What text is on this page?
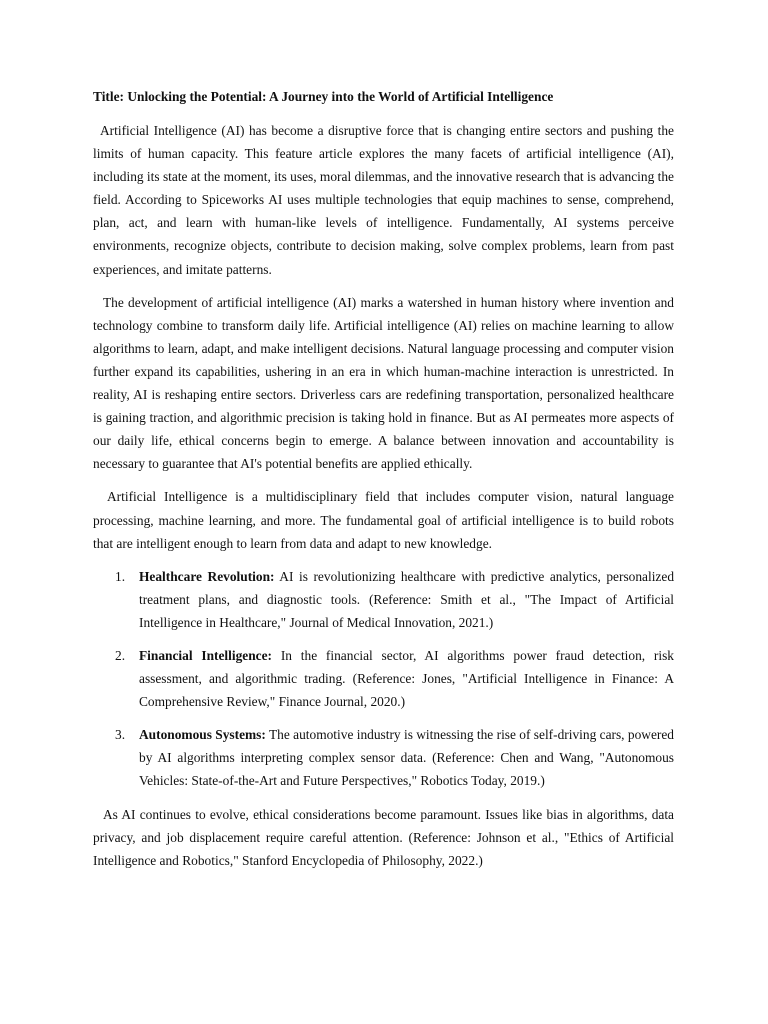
Title: Unlocking the Potential: A Journey into the World of Artificial Intelligence

Artificial Intelligence (AI) has become a disruptive force that is changing entire sectors and pushing the limits of human capacity. This feature article explores the many facets of artificial intelligence (AI), including its state at the moment, its uses, moral dilemmas, and the innovative research that is advancing the field. According to Spiceworks AI uses multiple technologies that equip machines to sense, comprehend, plan, act, and learn with human-like levels of intelligence. Fundamentally, AI systems perceive environments, recognize objects, contribute to decision making, solve complex problems, learn from past experiences, and imitate patterns.

The development of artificial intelligence (AI) marks a watershed in human history where invention and technology combine to transform daily life. Artificial intelligence (AI) relies on machine learning to allow algorithms to learn, adapt, and make intelligent decisions. Natural language processing and computer vision further expand its capabilities, ushering in an era in which human-machine interaction is unrestricted. In reality, AI is reshaping entire sectors. Driverless cars are redefining transportation, personalized healthcare is gaining traction, and algorithmic precision is taking hold in finance. But as AI permeates more aspects of our daily life, ethical concerns begin to emerge. A balance between innovation and accountability is necessary to guarantee that AI's potential benefits are applied ethically.

Artificial Intelligence is a multidisciplinary field that includes computer vision, natural language processing, machine learning, and more. The fundamental goal of artificial intelligence is to build robots that are intelligent enough to learn from data and adapt to new knowledge.

1. Healthcare Revolution: AI is revolutionizing healthcare with predictive analytics, personalized treatment plans, and diagnostic tools. (Reference: Smith et al., "The Impact of Artificial Intelligence in Healthcare," Journal of Medical Innovation, 2021.)
2. Financial Intelligence: In the financial sector, AI algorithms power fraud detection, risk assessment, and algorithmic trading. (Reference: Jones, "Artificial Intelligence in Finance: A Comprehensive Review," Finance Journal, 2020.)
3. Autonomous Systems: The automotive industry is witnessing the rise of self-driving cars, powered by AI algorithms interpreting complex sensor data. (Reference: Chen and Wang, "Autonomous Vehicles: State-of-the-Art and Future Perspectives," Robotics Today, 2019.)

As AI continues to evolve, ethical considerations become paramount. Issues like bias in algorithms, data privacy, and job displacement require careful attention. (Reference: Johnson et al., "Ethics of Artificial Intelligence and Robotics," Stanford Encyclopedia of Philosophy, 2022.)
